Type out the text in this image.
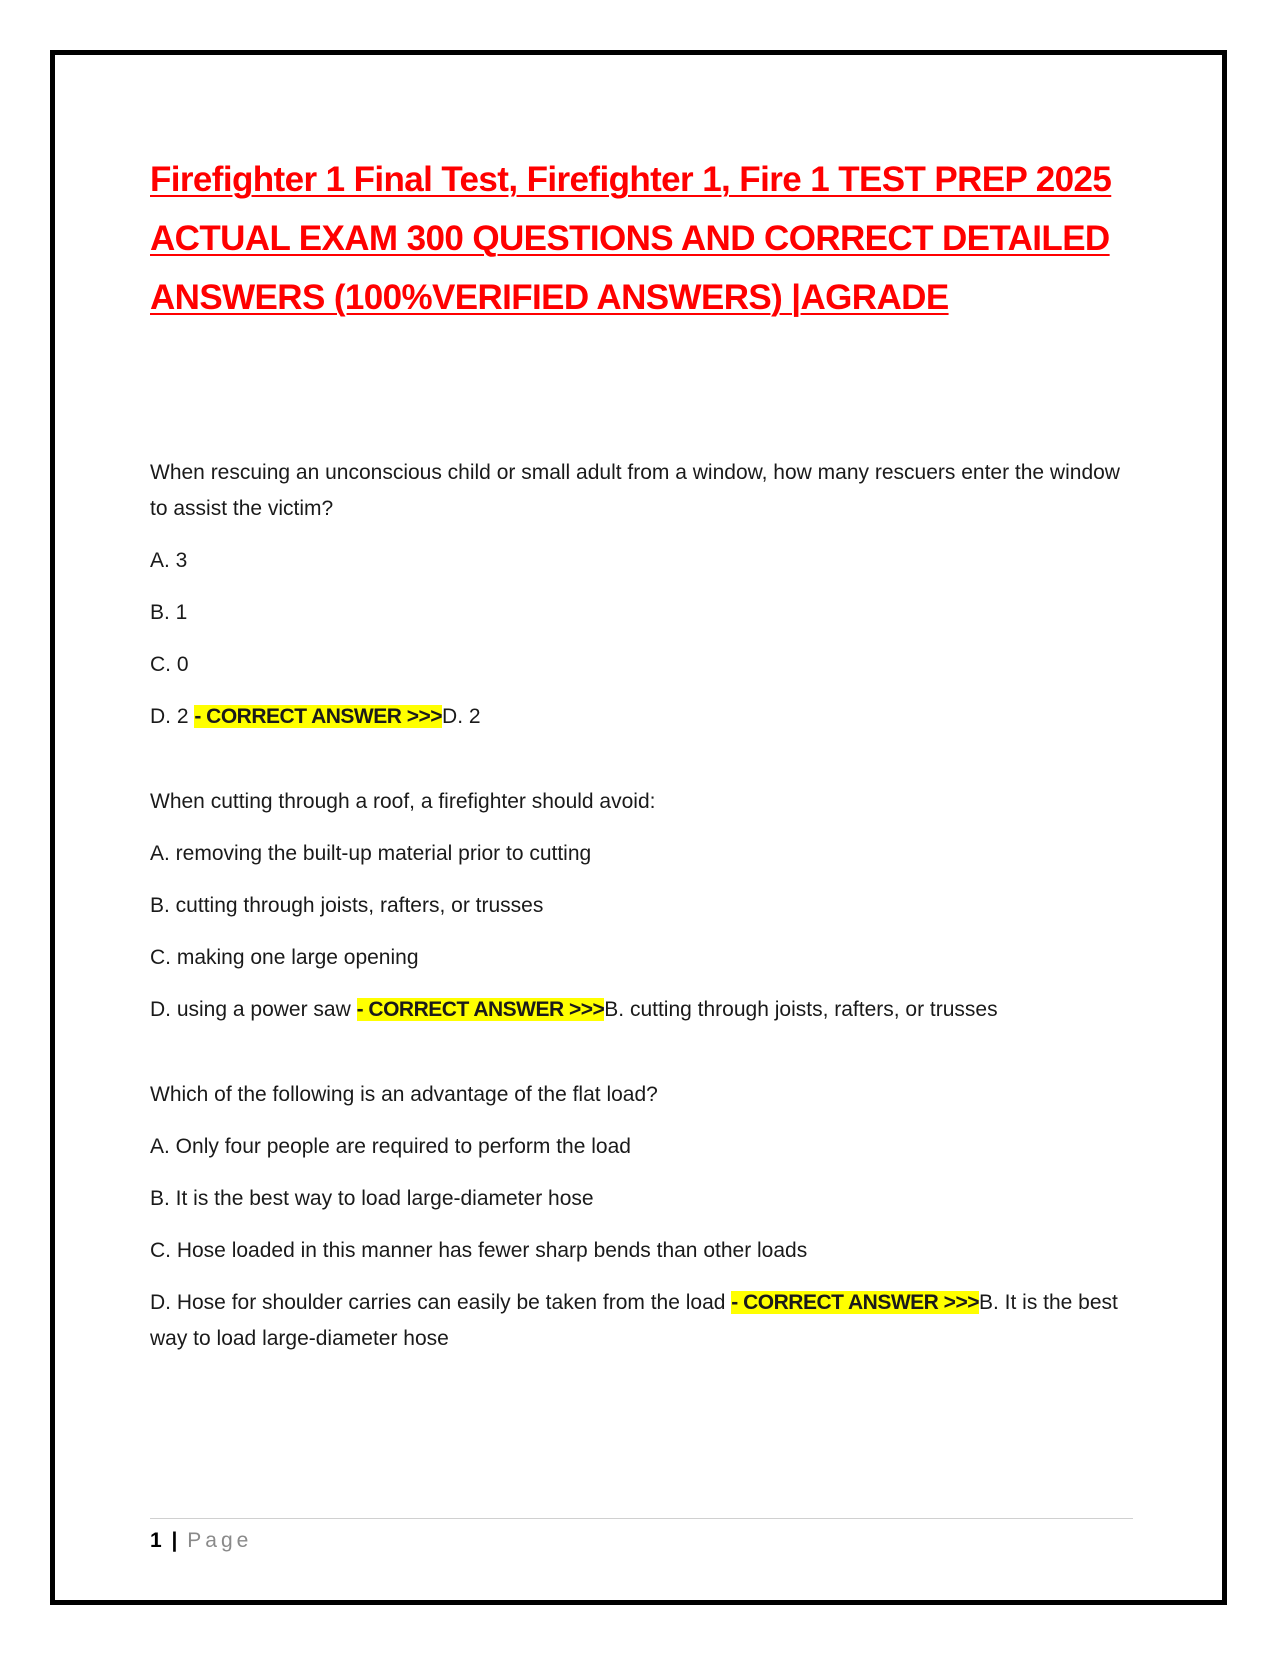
Firefighter 1 Final Test, Firefighter 1, Fire 1 TEST PREP 2025 ACTUAL EXAM 300 QUESTIONS AND CORRECT DETAILED ANSWERS (100%VERIFIED ANSWERS) |AGRADE

When rescuing an unconscious child or small adult from a window, how many rescuers enter the window to assist the victim?

A. 3

B. 1

C. 0

D. 2 - CORRECT ANSWER >>>D. 2

When cutting through a roof, a firefighter should avoid:

A. removing the built-up material prior to cutting

B. cutting through joists, rafters, or trusses

C. making one large opening

D. using a power saw - CORRECT ANSWER >>>B. cutting through joists, rafters, or trusses

Which of the following is an advantage of the flat load?

A. Only four people are required to perform the load

B. It is the best way to load large-diameter hose

C. Hose loaded in this manner has fewer sharp bends than other loads

D. Hose for shoulder carries can easily be taken from the load - CORRECT ANSWER >>>B. It is the best way to load large-diameter hose

1 | Page
